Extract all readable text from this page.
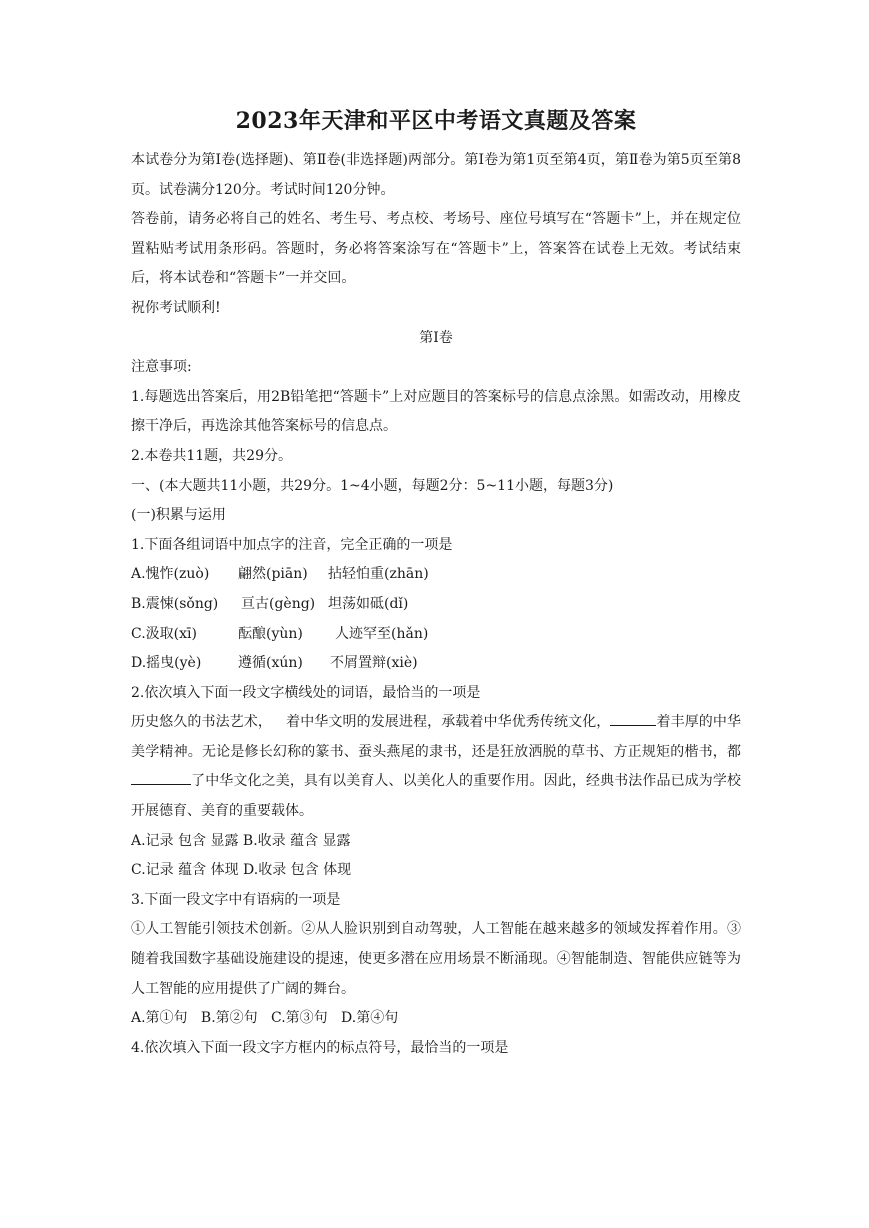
2023年天津和平区中考语文真题及答案

本试卷分为第Ⅰ卷(选择题)、第Ⅱ卷(非选择题)两部分。第Ⅰ卷为第1页至第4页，第Ⅱ卷为第5页至第8页。试卷满分120分。考试时间120分钟。

答卷前，请务必将自己的姓名、考生号、考点校、考场号、座位号填写在“答题卡”上，并在规定位置粘贴考试用条形码。答题时，务必将答案涂写在“答题卡”上，答案答在试卷上无效。考试结束后，将本试卷和“答题卡”一并交回。

祝你考试顺利!

第Ⅰ卷

注意事项:

1.每题选出答案后，用2B铅笔把“答题卡”上对应题目的答案标号的信息点涂黑。如需改动，用橡皮擦干净后，再选涂其他答案标号的信息点。

2.本卷共11题，共29分。

一、(本大题共11小题，共29分。1~4小题，每题2分：5~11小题，每题3分)

(一)积累与运用

1.下面各组词语中加点字的注音，完全正确的一项是

A.愧怍(zuò) 翩然(piān) 拈轻怕重(zhān)

B.震悚(sǒng) 亘古(gèng) 坦荡如砥(dǐ)

C.汲取(xī)	酝酿(yùn) 人迹罕至(hǎn)

D.摇曳(yè)	遵循(xún) 不屑置辩(xiè)

2.依次填入下面一段文字横线处的词语，最恰当的一项是

历史悠久的书法艺术， 着中华文明的发展进程，承载着中华优秀传统文化，	着丰厚的中华美学精神。无论是修长幻称的篆书、蚕头燕尾的隶书，还是狂放洒脱的草书、方正规矩的楷书，都了中华文化之美，具有以美育人、以美化人的重要作用。因此，经典书法作品已成为学校开展德育、美育的重要载体。

A.记录 包含 显露 B.收录 蕴含 显露

C.记录 蕴含 体现 D.收录 包含 体现

3.下面一段文字中有语病的一项是

①人工智能引领技术创新。②从人脸识别到自动驾驶，人工智能在越来越多的领域发挥着作用。③随着我国数字基础设施建设的提速，使更多潜在应用场景不断涌现。④智能制造、智能供应链等为人工智能的应用提供了广阔的舞台。

A.第①句   B.第②句   C.第③句   D.第④句

4.依次填入下面一段文字方框内的标点符号，最恰当的一项是
